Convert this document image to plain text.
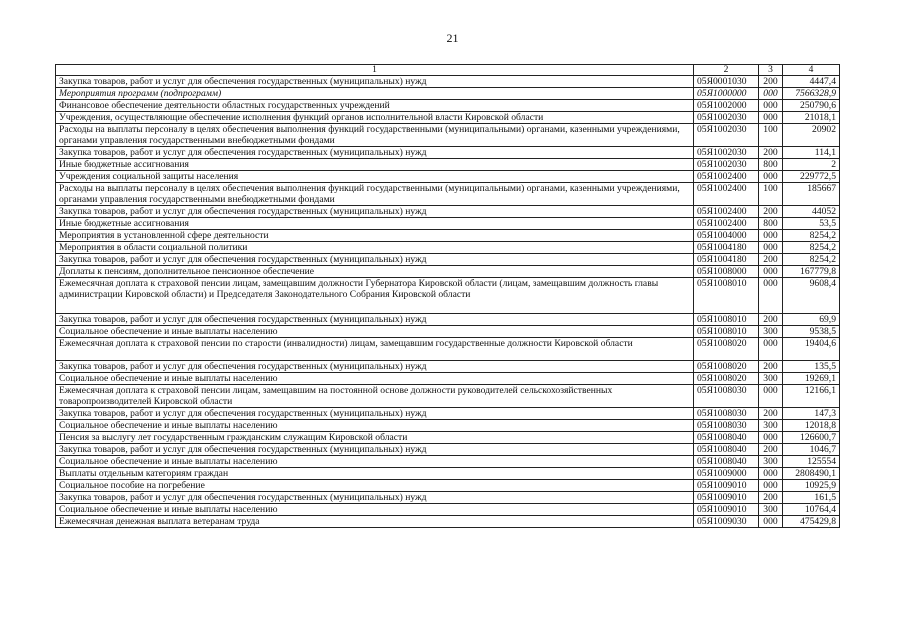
21
1	2	3	4
Закупка товаров, работ и услуг для обеспечения государственных (муниципальных) нужд	05Я0001030	200	4447,4
Мероприятия программ (подпрограмм)	05Я1000000	000	7566328,9
Финансовое обеспечение деятельности областных государственных учреждений	05Я1002000	000	250790,6
Учреждения, осуществляющие обеспечение исполнения функций органов исполнительной власти Кировской области	05Я1002030	000	21018,1
Расходы на выплаты персоналу в целях обеспечения выполнения функций государственными (муниципальными) органами, казенными учреждениями, органами управления государственными внебюджетными фондами	05Я1002030	100	20902
Закупка товаров, работ и услуг для обеспечения государственных (муниципальных) нужд	05Я1002030	200	114,1
Иные бюджетные ассигнования	05Я1002030	800	2
Учреждения социальной защиты населения	05Я1002400	000	229772,5
Расходы на выплаты персоналу в целях обеспечения выполнения функций государственными (муниципальными) органами, казенными учреждениями, органами управления государственными внебюджетными фондами	05Я1002400	100	185667
Закупка товаров, работ и услуг для обеспечения государственных (муниципальных) нужд	05Я1002400	200	44052
Иные бюджетные ассигнования	05Я1002400	800	53,5
Мероприятия в установленной сфере деятельности	05Я1004000	000	8254,2
Мероприятия в области социальной политики	05Я1004180	000	8254,2
Закупка товаров, работ и услуг для обеспечения государственных (муниципальных) нужд	05Я1004180	200	8254,2
Доплаты к пенсиям, дополнительное пенсионное обеспечение	05Я1008000	000	167779,8
Ежемесячная доплата к страховой пенсии лицам, замещавшим должности Губернатора Кировской области (лицам, замещавшим должность главы администрации Кировской области) и Председателя Законодательного Собрания Кировской области	05Я1008010	000	9608,4
Закупка товаров, работ и услуг для обеспечения государственных (муниципальных) нужд	05Я1008010	200	69,9
Социальное обеспечение и иные выплаты населению	05Я1008010	300	9538,5
Ежемесячная доплата к страховой пенсии по старости (инвалидности) лицам, замещавшим государственные должности Кировской области	05Я1008020	000	19404,6
Закупка товаров, работ и услуг для обеспечения государственных (муниципальных) нужд	05Я1008020	200	135,5
Социальное обеспечение и иные выплаты населению	05Я1008020	300	19269,1
Ежемесячная доплата к страховой пенсии лицам, замещавшим на постоянной основе должности руководителей сельскохозяйственных товаропроизводителей Кировской области	05Я1008030	000	12166,1
Закупка товаров, работ и услуг для обеспечения государственных (муниципальных) нужд	05Я1008030	200	147,3
Социальное обеспечение и иные выплаты населению	05Я1008030	300	12018,8
Пенсия за выслугу лет государственным гражданским служащим Кировской области	05Я1008040	000	126600,7
Закупка товаров, работ и услуг для обеспечения государственных (муниципальных) нужд	05Я1008040	200	1046,7
Социальное обеспечение и иные выплаты населению	05Я1008040	300	125554
Выплаты отдельным категориям граждан	05Я1009000	000	2808490,1
Социальное пособие на погребение	05Я1009010	000	10925,9
Закупка товаров, работ и услуг для обеспечения государственных (муниципальных) нужд	05Я1009010	200	161,5
Социальное обеспечение и иные выплаты населению	05Я1009010	300	10764,4
Ежемесячная денежная выплата ветеранам труда	05Я1009030	000	475429,8
